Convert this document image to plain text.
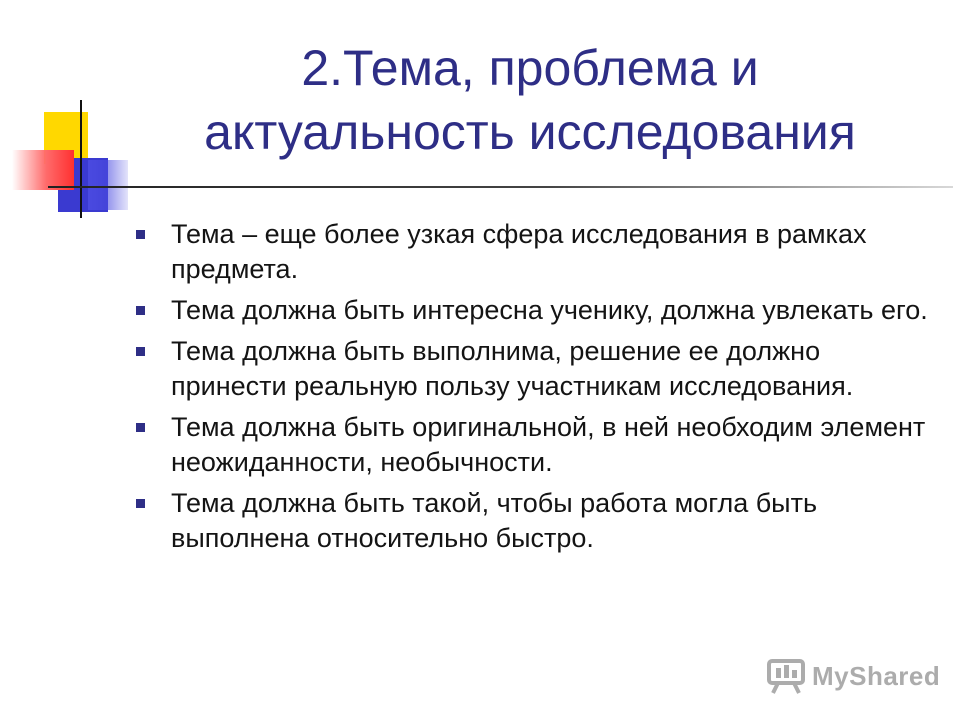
2.Тема, проблема и
актуальность исследования
Тема – еще более узкая сфера исследования в рамках предмета.
Тема должна быть интересна ученику, должна увлекать его.
Тема должна быть выполнима, решение ее должно принести реальную пользу участникам исследования.
Тема должна быть оригинальной, в ней необходим элемент неожиданности, необычности.
Тема должна быть такой, чтобы работа могла быть выполнена относительно быстро.
MyShared
